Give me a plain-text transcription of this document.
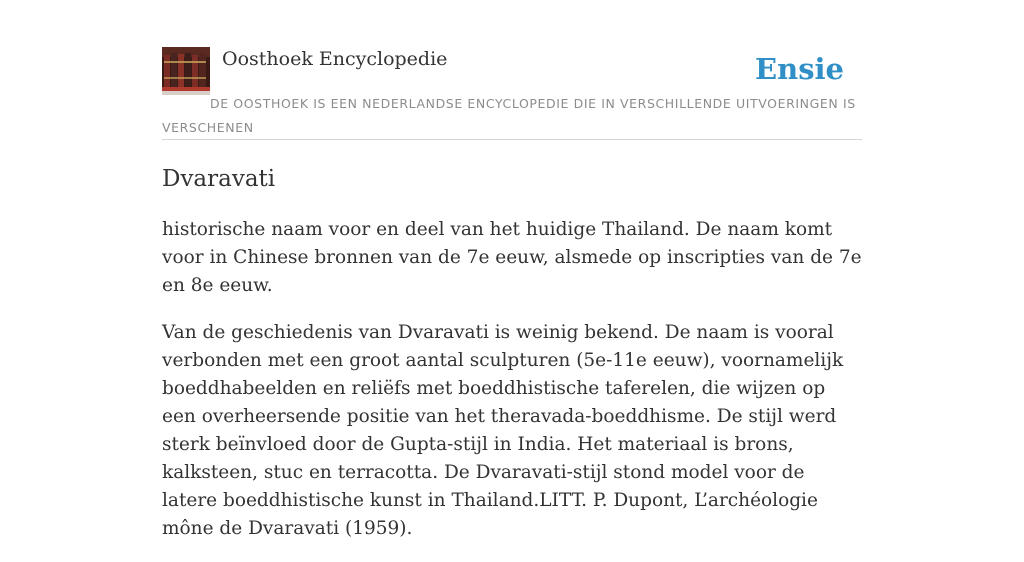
Oosthoek Encyclopedie	Ensie
DE OOSTHOEK IS EEN NEDERLANDSE ENCYCLOPEDIE DIE IN VERSCHILLENDE UITVOERINGEN IS VERSCHENEN
Dvaravati

historische naam voor en deel van het huidige Thailand. De naam komt voor in Chinese bronnen van de 7e eeuw, alsmede op inscripties van de 7e en 8e eeuw.

Van de geschiedenis van Dvaravati is weinig bekend. De naam is vooral verbonden met een groot aantal sculpturen (5e-11e eeuw), voornamelijk boeddhabeelden en reliëfs met boeddhistische taferelen, die wijzen op een overheersende positie van het theravada-boeddhisme. De stijl werd sterk beïnvloed door de Gupta-stijl in India. Het materiaal is brons, kalksteen, stuc en terracotta. De Dvaravati-stijl stond model voor de latere boeddhistische kunst in Thailand.LITT. P. Dupont, L’archéologie mône de Dvaravati (1959).
